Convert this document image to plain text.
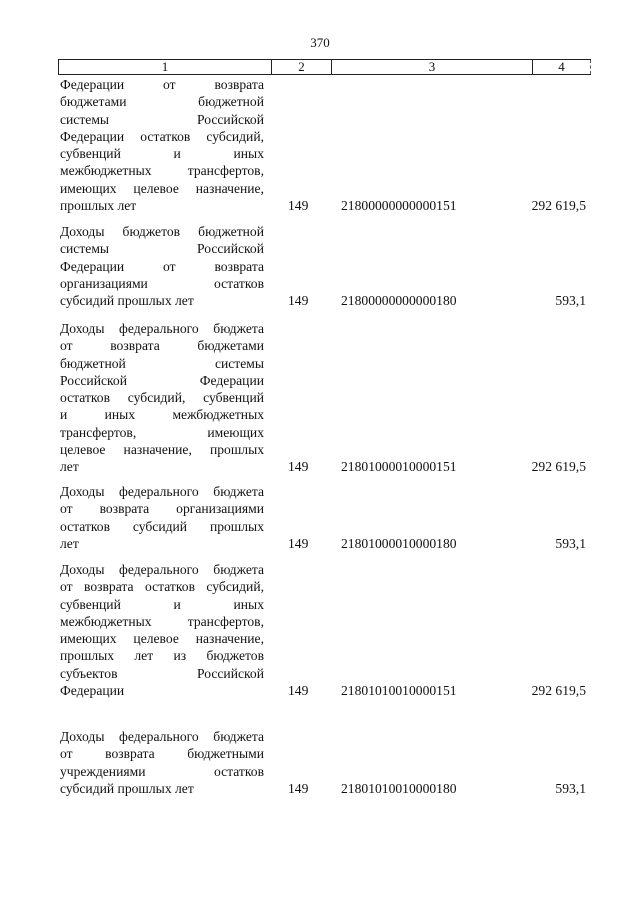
370
1	2	3	4
Федерации от возврата
бюджетами бюджетной
системы Российской
Федерации остатков субсидий,
субвенций и иных
межбюджетных трансфертов,
имеющих целевое назначение,
прошлых лет	149	21800000000000151	292 619,5
Доходы бюджетов бюджетной
системы Российской
Федерации от возврата
организациями остатков
субсидий прошлых лет	149	21800000000000180	593,1
Доходы федерального бюджета
от возврата бюджетами
бюджетной системы
Российской Федерации
остатков субсидий, субвенций
и иных межбюджетных
трансфертов, имеющих
целевое назначение, прошлых
лет	149	21801000010000151	292 619,5
Доходы федерального бюджета
от возврата организациями
остатков субсидий прошлых
лет	149	21801000010000180	593,1
Доходы федерального бюджета
от возврата остатков субсидий,
субвенций и иных
межбюджетных трансфертов,
имеющих целевое назначение,
прошлых лет из бюджетов
субъектов Российской
Федерации	149	21801010010000151	292 619,5
Доходы федерального бюджета
от возврата бюджетными
учреждениями остатков
субсидий прошлых лет	149	21801010010000180	593,1
